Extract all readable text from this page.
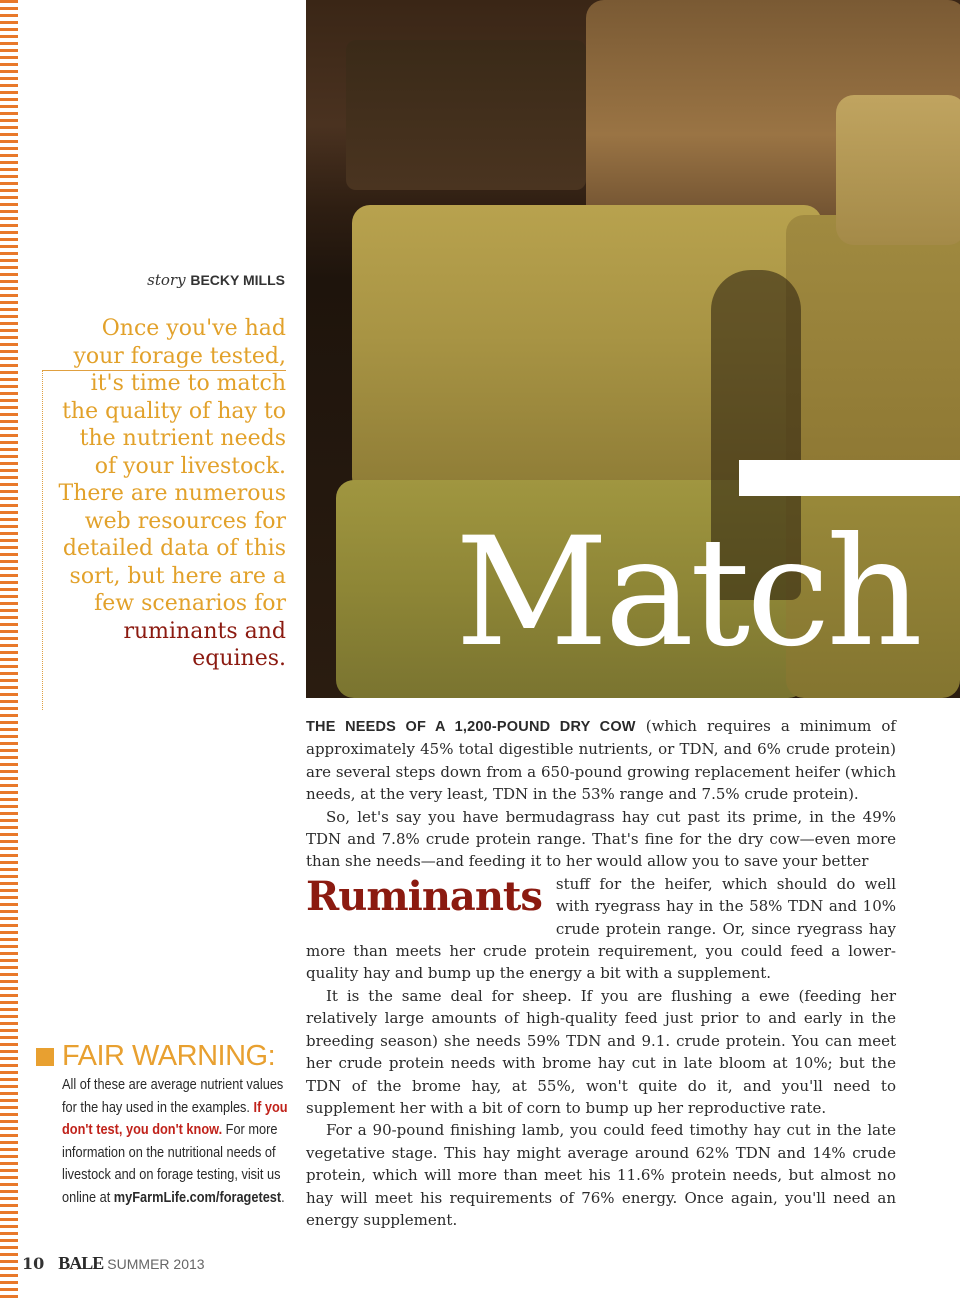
Match
story BECKY MILLS
Once you've had your forage tested, it's time to match the quality of hay to the nutrient needs of your livestock. There are numerous web resources for detailed data of this sort, but here are a few scenarios for ruminants and equines.
FAIR WARNING:
All of these are average nutrient values for the hay used in the examples. If you don't test, you don't know. For more information on the nutritional needs of livestock and on forage testing, visit us online at myFarmLife.com/foragetest.

THE NEEDS OF A 1,200-POUND DRY COW (which requires a minimum of approximately 45% total digestible nutrients, or TDN, and 6% crude protein) are several steps down from a 650-pound growing replacement heifer (which needs, at the very least, TDN in the 53% range and 7.5% crude protein).

So, let's say you have bermudagrass hay cut past its prime, in the 49% TDN and 7.8% crude protein range. That's fine for the dry cow—even more than she needs—and feeding it to her would allow you to save your better

Ruminants stuff for the heifer, which should do well with ryegrass hay in the 58% TDN and 10% crude protein range. Or, since ryegrass hay more than meets her crude protein requirement, you could feed a lower-quality hay and bump up the energy a bit with a supplement.

It is the same deal for sheep. If you are flushing a ewe (feeding her relatively large amounts of high-quality feed just prior to and early in the breeding season) she needs 59% TDN and 9.1. crude protein. You can meet her crude protein needs with brome hay cut in late bloom at 10%; but the TDN of the brome hay, at 55%, won't quite do it, and you'll need to supplement her with a bit of corn to bump up her reproductive rate.

For a 90-pound finishing lamb, you could feed timothy hay cut in the late vegetative stage. This hay might average around 62% TDN and 14% crude protein, which will more than meet his 11.6% protein needs, but almost no hay will meet his requirements of 76% energy. Once again, you'll need an energy supplement.

10 BALE SUMMER 2013
